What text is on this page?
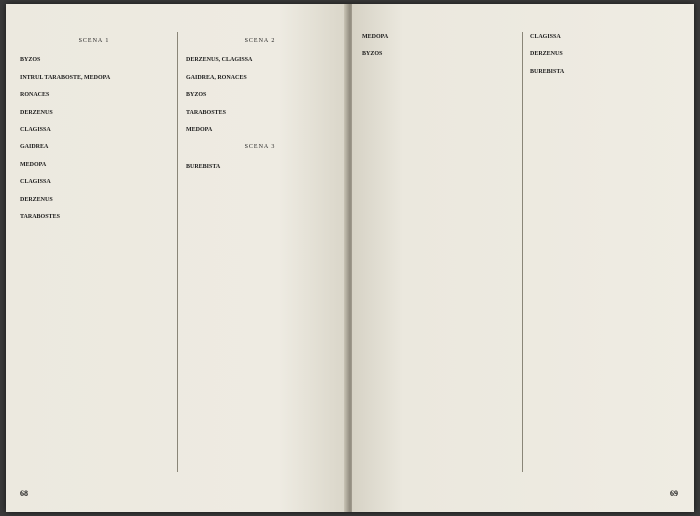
SCENA 1
BYZOS
INTRUL TARABOSTE, MEDOPA
RONACES
DERZENUS
CLAGISSA
GAIDREA
MEDOPA
CLAGISSA
DERZENUS
TARABOSTES
SCENA 2
DERZENUS, CLAGISSA
GAIDREA, RONACES
BYZOS
TARABOSTES
MEDOPA
SCENA 3
BUREBISTA
68
MEDOPA
BYZOS
CLAGISSA
DERZENUS
BUREBISTA
69
